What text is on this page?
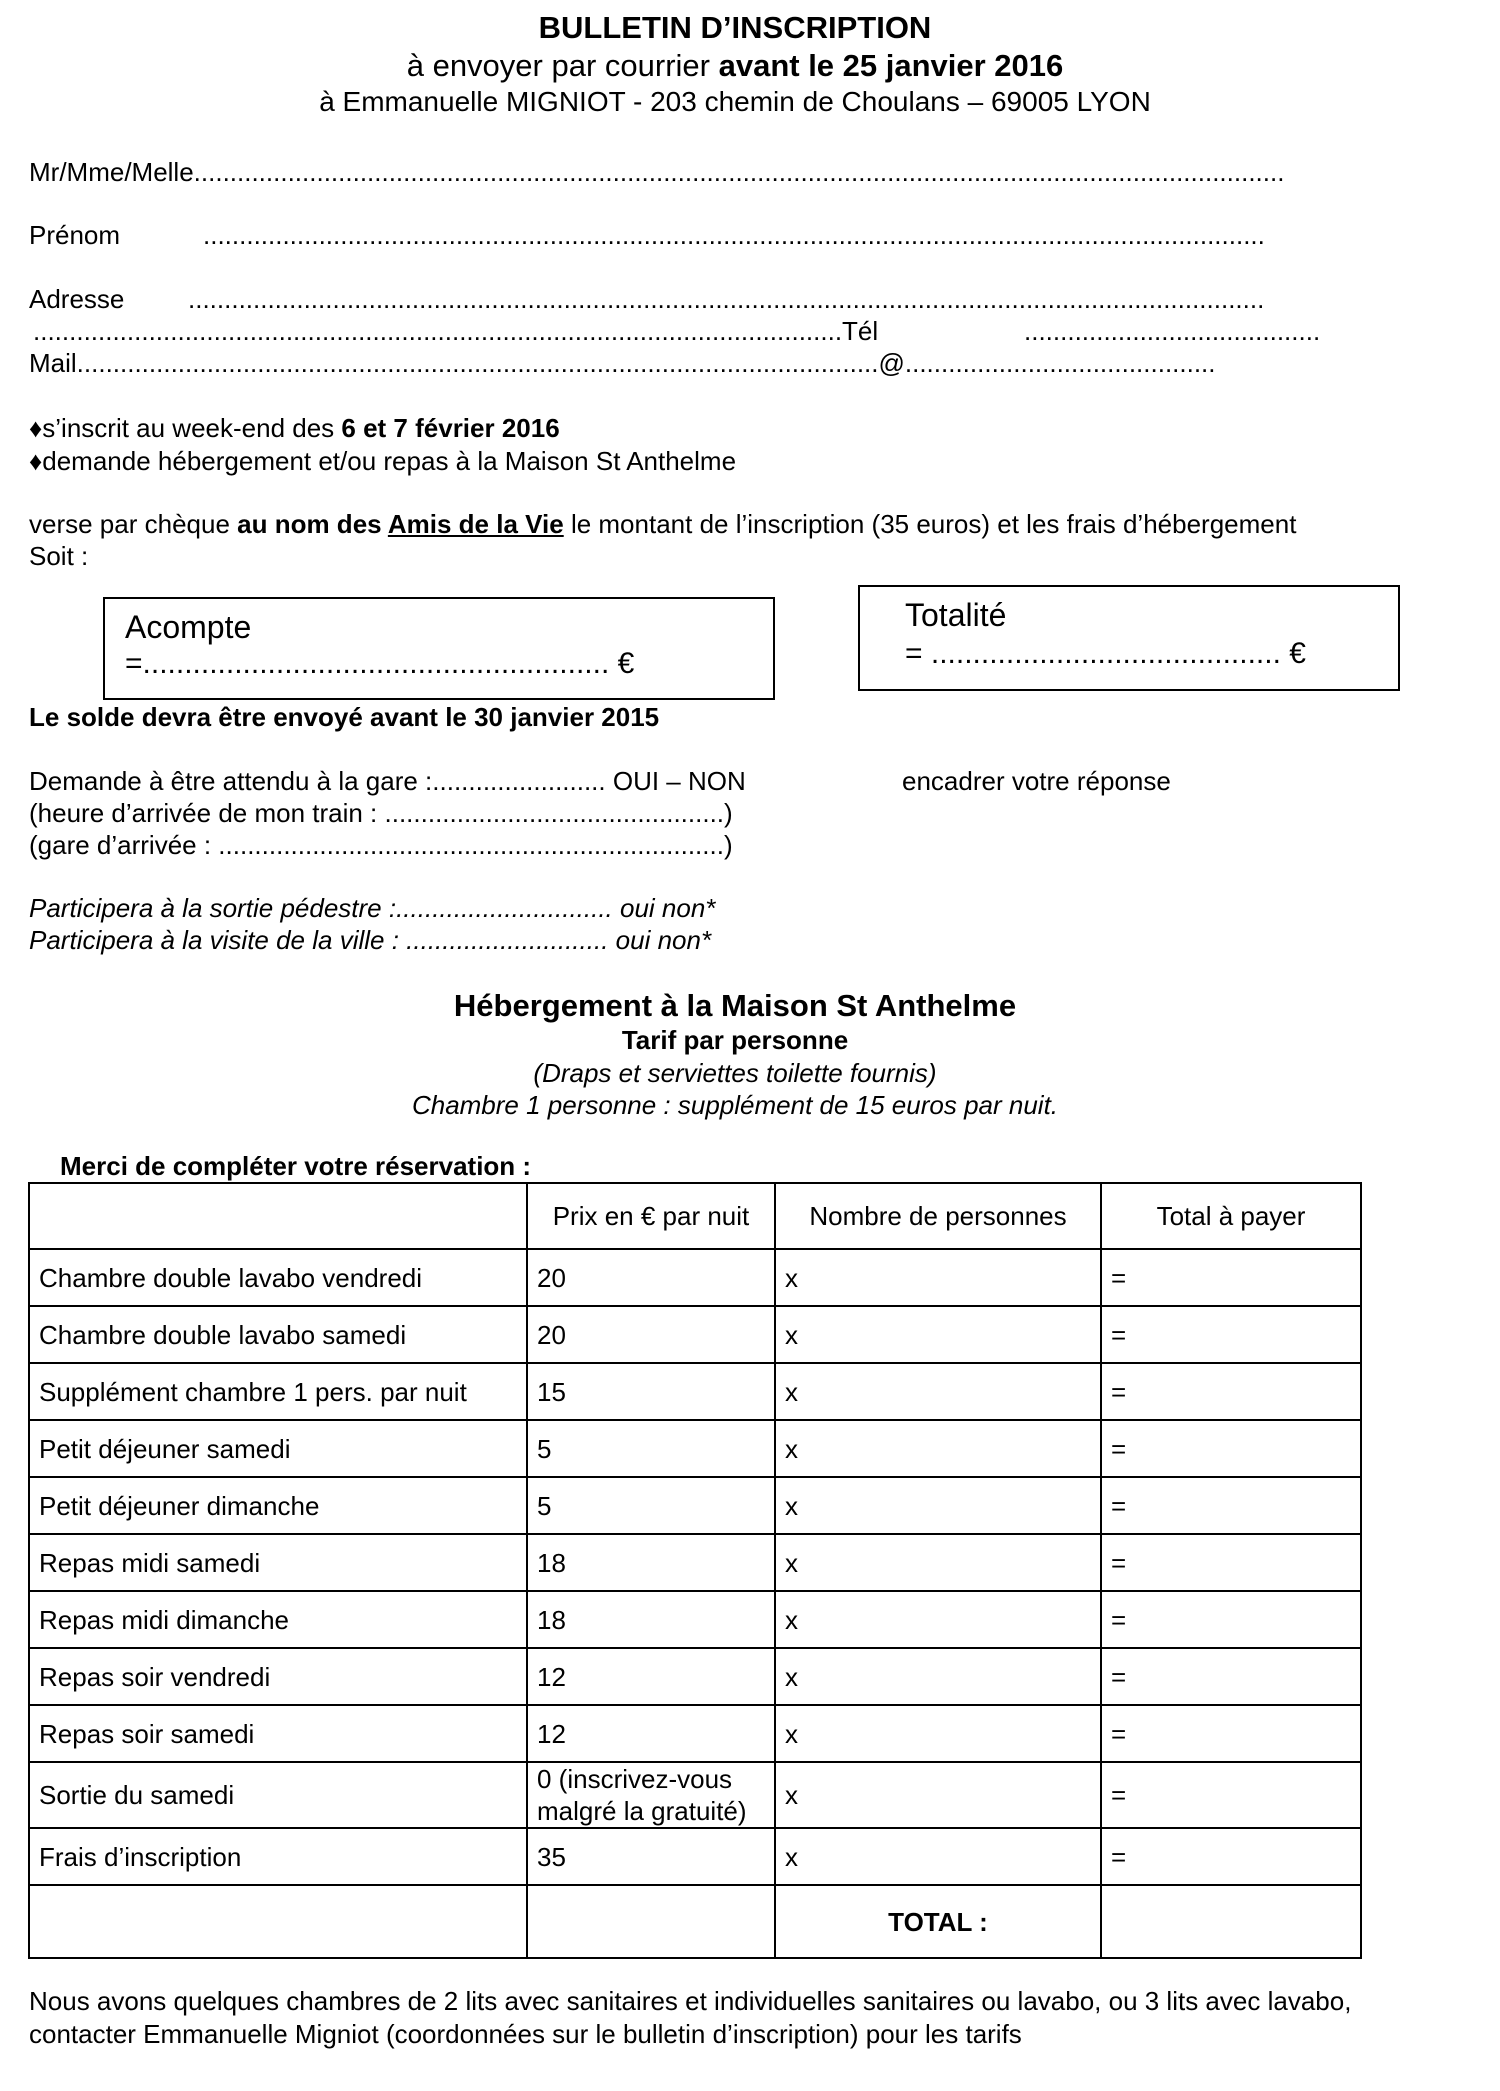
BULLETIN D’INSCRIPTION
à envoyer par courrier avant le 25 janvier 2016
à Emmanuelle MIGNIOT - 203 chemin de Choulans – 69005 LYON
Mr/Mme/Melle.......................................................................................................................................................
Prénom	...................................................................................................................................................
Adresse .....................................................................................................................................................
................................................................................................................Tél	.........................................
Mail...............................................................................................................@...........................................
♦s’inscrit au week-end des 6 et 7 février 2016
♦demande hébergement et/ou repas à la Maison St Anthelme
verse par chèque au nom des Amis de la Vie le montant de l’inscription (35 euros) et les frais d’hébergement
Soit :
Acompte
=........................................................ €
Totalité
= .......................................... €
Le solde devra être envoyé avant le 30 janvier 2015
Demande à être attendu à la gare :........................ OUI – NON	encadrer votre réponse
(heure d’arrivée de mon train : ...............................................)
(gare d’arrivée : ......................................................................)
Participera à la sortie pédestre :.............................. oui non*
Participera à la visite de la ville : ............................ oui non*
Hébergement à la Maison St Anthelme
Tarif par personne
(Draps et serviettes toilette fournis)
Chambre 1 personne : supplément de 15 euros par nuit.
Merci de compléter votre réservation :
	Prix en € par nuit	Nombre de personnes	Total à payer
Chambre double lavabo vendredi	20	x	=
Chambre double lavabo samedi	20	x	=
Supplément chambre 1 pers. par nuit	15	x	=
Petit déjeuner samedi	5	x	=
Petit déjeuner dimanche	5	x	=
Repas midi samedi	18	x	=
Repas midi dimanche	18	x	=
Repas soir vendredi	12	x	=
Repas soir samedi	12	x	=
Sortie du samedi	0 (inscrivez-vous malgré la gratuité)	x	=
Frais d’inscription	35	x	=
		TOTAL :	
Nous avons quelques chambres de 2 lits avec sanitaires et individuelles sanitaires ou lavabo, ou 3 lits avec lavabo,
contacter Emmanuelle Migniot (coordonnées sur le bulletin d’inscription) pour les tarifs
